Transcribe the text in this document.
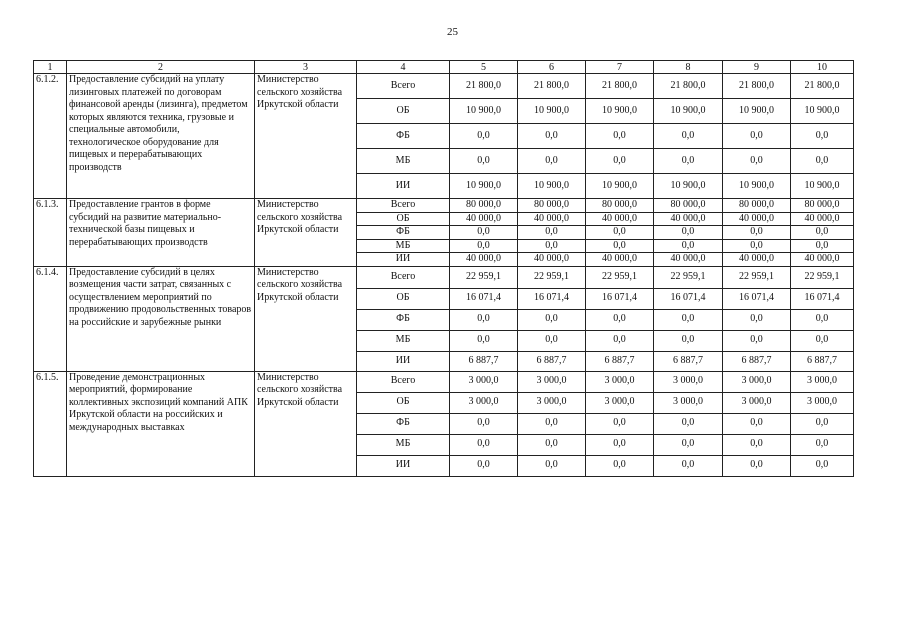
25
1	2	3	4	5	6	7	8	9	10
6.1.2.	Предоставление субсидий на уплату лизинговых платежей по договорам финансовой аренды (лизинга), предметом которых являются техника, грузовые и специальные автомобили, технологическое оборудование для пищевых и перерабатывающих производств	Министерство сельского хозяйства Иркутской области	Всего	21 800,0	21 800,0	21 800,0	21 800,0	21 800,0	21 800,0
			ОБ	10 900,0	10 900,0	10 900,0	10 900,0	10 900,0	10 900,0
			ФБ	0,0	0,0	0,0	0,0	0,0	0,0
			МБ	0,0	0,0	0,0	0,0	0,0	0,0
			ИИ	10 900,0	10 900,0	10 900,0	10 900,0	10 900,0	10 900,0
6.1.3.	Предоставление грантов в форме субсидий на развитие материально-технической базы пищевых и перерабатывающих производств	Министерство сельского хозяйства Иркутской области	Всего	80 000,0	80 000,0	80 000,0	80 000,0	80 000,0	80 000,0
			ОБ	40 000,0	40 000,0	40 000,0	40 000,0	40 000,0	40 000,0
			ФБ	0,0	0,0	0,0	0,0	0,0	0,0
			МБ	0,0	0,0	0,0	0,0	0,0	0,0
			ИИ	40 000,0	40 000,0	40 000,0	40 000,0	40 000,0	40 000,0
6.1.4.	Предоставление субсидий в целях возмещения части затрат, связанных с осуществлением мероприятий по продвижению продовольственных товаров на российские и зарубежные рынки	Министерство сельского хозяйства Иркутской области	Всего	22 959,1	22 959,1	22 959,1	22 959,1	22 959,1	22 959,1
			ОБ	16 071,4	16 071,4	16 071,4	16 071,4	16 071,4	16 071,4
			ФБ	0,0	0,0	0,0	0,0	0,0	0,0
			МБ	0,0	0,0	0,0	0,0	0,0	0,0
			ИИ	6 887,7	6 887,7	6 887,7	6 887,7	6 887,7	6 887,7
6.1.5.	Проведение демонстрационных мероприятий, формирование коллективных экспозиций компаний АПК Иркутской области на российских и международных выставках	Министерство сельского хозяйства Иркутской области	Всего	3 000,0	3 000,0	3 000,0	3 000,0	3 000,0	3 000,0
			ОБ	3 000,0	3 000,0	3 000,0	3 000,0	3 000,0	3 000,0
			ФБ	0,0	0,0	0,0	0,0	0,0	0,0
			МБ	0,0	0,0	0,0	0,0	0,0	0,0
			ИИ	0,0	0,0	0,0	0,0	0,0	0,0
